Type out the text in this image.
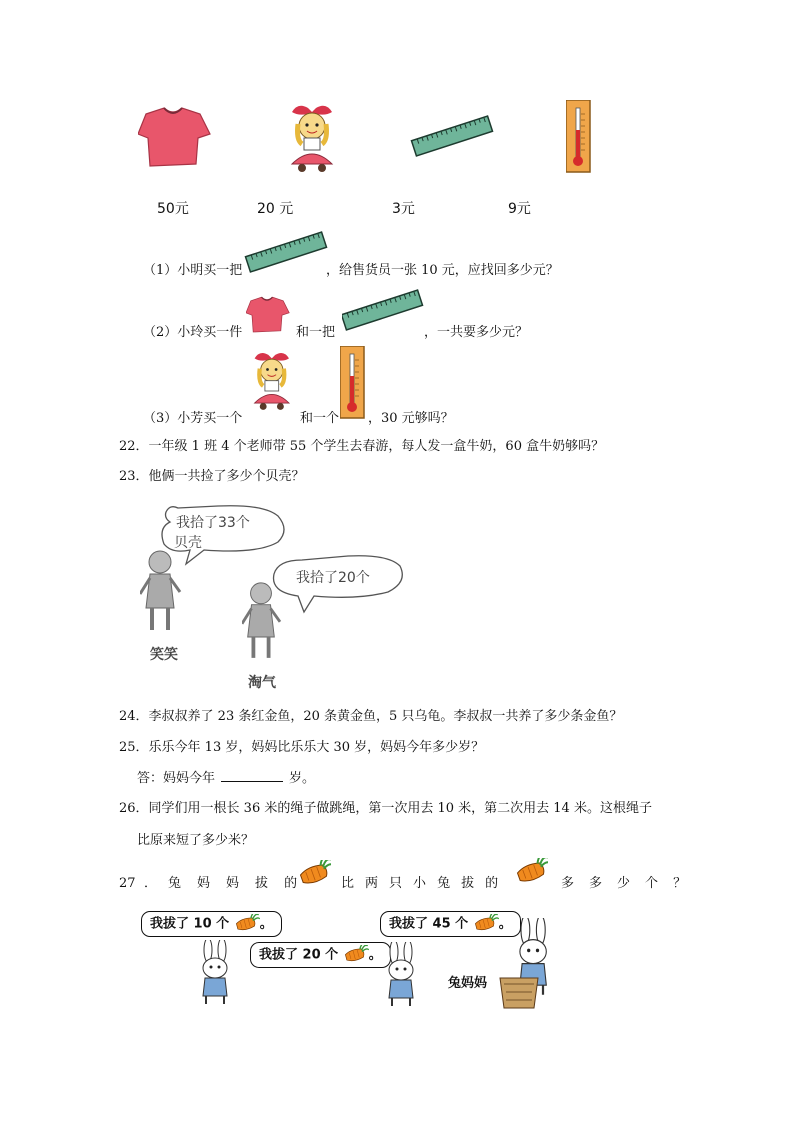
50元	20 元	3元	9元
（1）小明买一把	，给售货员一张 10 元，应找回多少元？
（2）小玲买一件	和一把	，一共要多少元？
（3）小芳买一个	和一个 ，30 元够吗？
22．一年级 1 班 4 个老师带 55 个学生去春游，每人发一盒牛奶，60 盒牛奶够吗？
23．他俩一共捡了多少个贝壳？
我拾了33个
贝壳
我拾了20个
笑笑
淘气
24．李叔叔养了 23 条红金鱼，20 条黄金鱼，5 只乌龟。李叔叔一共养了多少条金鱼？
25．乐乐今年 13 岁，妈妈比乐乐大 30 岁，妈妈今年多少岁？
答：妈妈今年	岁。
26．同学们用一根长 36 米的绳子做跳绳，第一次用去 10 米，第二次用去 14 米。这根绳子
比原来短了多少米？
27 ． 兔 妈 妈 拔 的	比 两 只 小 兔 拔 的	多 多 少 个 ？
我拔了 10 个 。
我拔了 20 个 。
我拔了 45 个 。
兔妈妈
